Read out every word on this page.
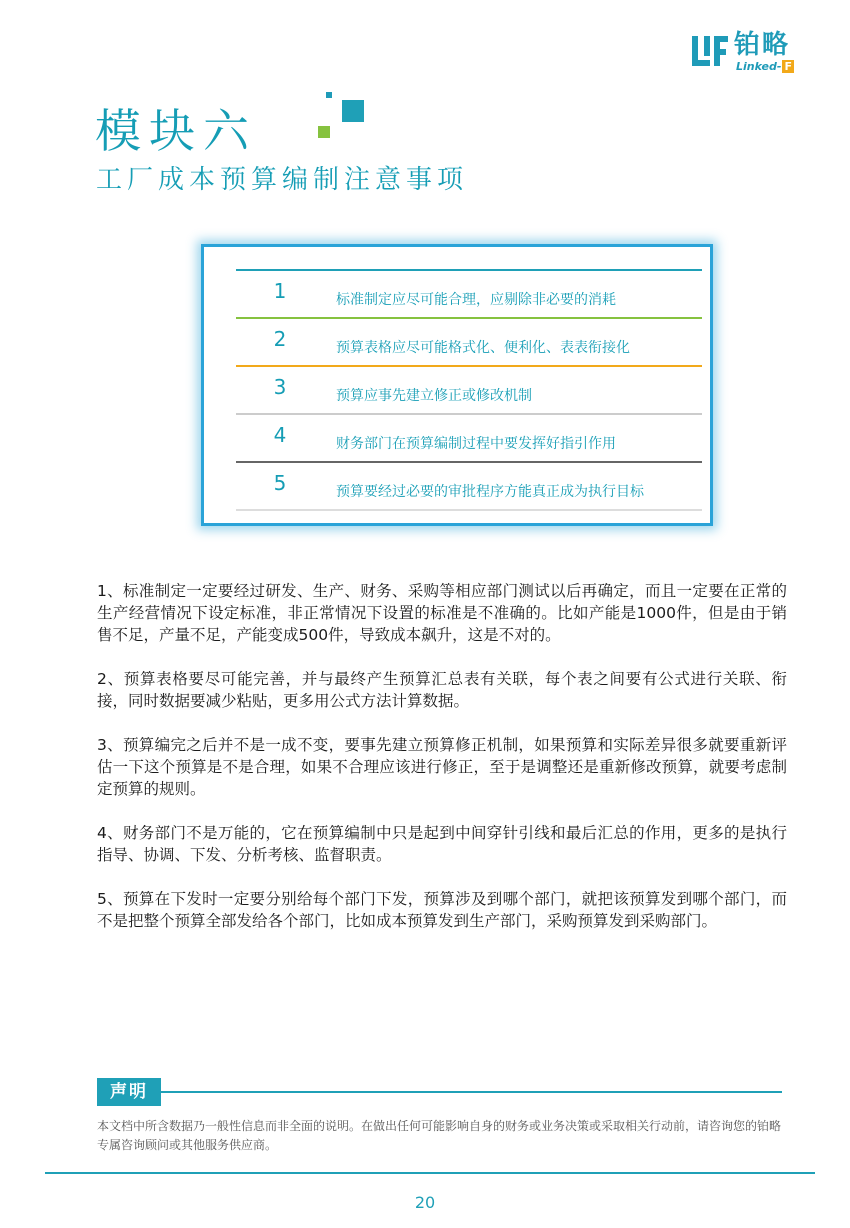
铂略
Linked- F
模块六
工厂成本预算编制注意事项
1	标准制定应尽可能合理，应剔除非必要的消耗
2	预算表格应尽可能格式化、便利化、表表衔接化
3	预算应事先建立修正或修改机制
4	财务部门在预算编制过程中要发挥好指引作用
5	预算要经过必要的审批程序方能真正成为执行目标

1、标准制定一定要经过研发、生产、财务、采购等相应部门测试以后再确定，而且一定要在正常的生产经营情况下设定标准，非正常情况下设置的标准是不准确的。比如产能是1000件，但是由于销售不足，产量不足，产能变成500件，导致成本飙升，这是不对的。

2、预算表格要尽可能完善，并与最终产生预算汇总表有关联，每个表之间要有公式进行关联、衔接，同时数据要减少粘贴，更多用公式方法计算数据。

3、预算编完之后并不是一成不变，要事先建立预算修正机制，如果预算和实际差异很多就要重新评估一下这个预算是不是合理，如果不合理应该进行修正，至于是调整还是重新修改预算，就要考虑制定预算的规则。

4、财务部门不是万能的，它在预算编制中只是起到中间穿针引线和最后汇总的作用，更多的是执行指导、协调、下发、分析考核、监督职责。

5、预算在下发时一定要分别给每个部门下发，预算涉及到哪个部门，就把该预算发到哪个部门，而不是把整个预算全部发给各个部门，比如成本预算发到生产部门，采购预算发到采购部门。

声明
本文档中所含数据乃一般性信息而非全面的说明。在做出任何可能影响自身的财务或业务决策或采取相关行动前，请咨询您的铂略专属咨询顾问或其他服务供应商。
20
